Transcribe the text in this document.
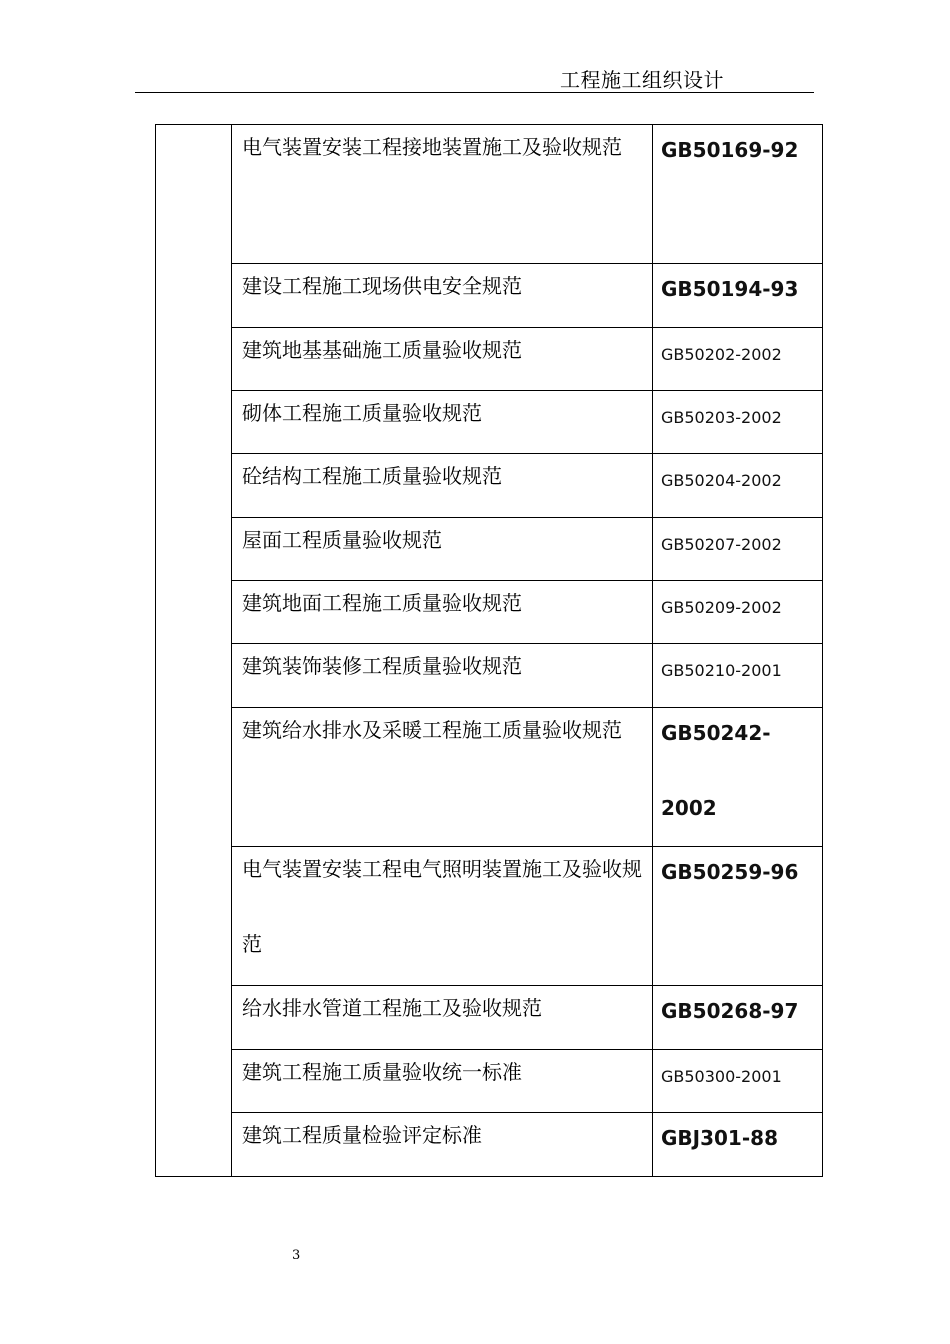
工程施工组织设计

	电气装置安装工程接地装置施工及验收规范	GB50169-92

	建设工程施工现场供电安全规范	GB50194-93

	建筑地基基础施工质量验收规范	GB50202-2002

	砌体工程施工质量验收规范	GB50203-2002

	砼结构工程施工质量验收规范	GB50204-2002

	屋面工程质量验收规范	GB50207-2002

	建筑地面工程施工质量验收规范	GB50209-2002

	建筑装饰装修工程质量验收规范	GB50210-2001

	建筑给水排水及采暖工程施工质量验收规范	GB50242-2002

	电气装置安装工程电气照明装置施工及验收规范	GB50259-96

	给水排水管道工程施工及验收规范	GB50268-97

	建筑工程施工质量验收统一标准	GB50300-2001

	建筑工程质量检验评定标准	GBJ301-88
3
